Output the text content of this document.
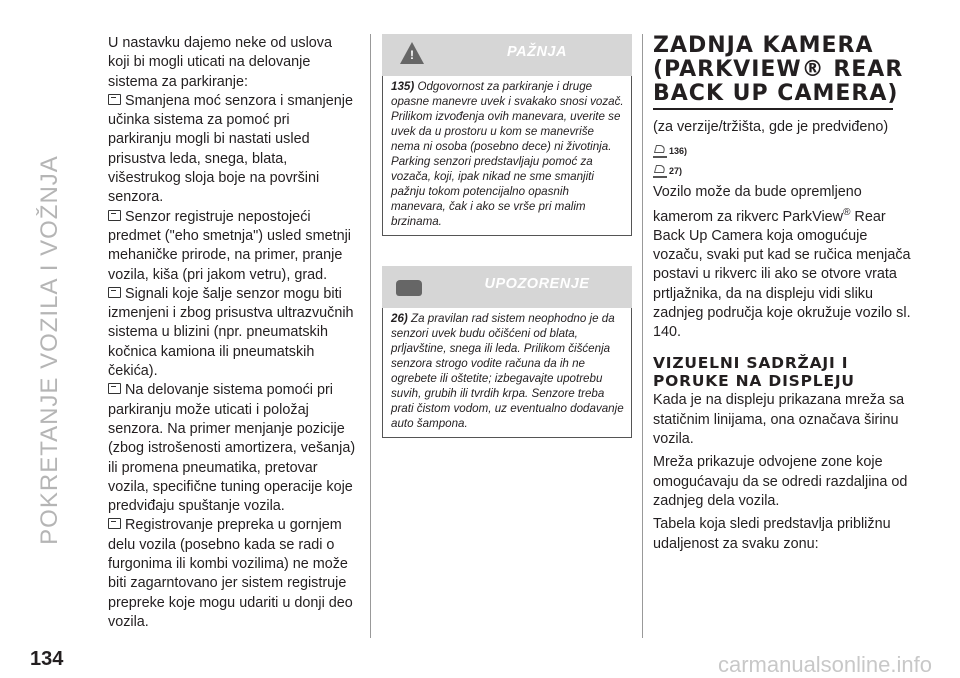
POKRETANJE VOZILA I VOŽNJA

U nastavku dajemo neke od uslova koji bi mogli uticati na delovanje sistema za parkiranje:

Smanjena moć senzora i smanjenje učinka sistema za pomoć pri parkiranju mogli bi nastati usled prisustva leda, snega, blata, višestrukog sloja boje na površini senzora.

Senzor registruje nepostojeći predmet ("eho smetnja") usled smetnji mehaničke prirode, na primer, pranje vozila, kiša (pri jakom vetru), grad.

Signali koje šalje senzor mogu biti izmenjeni i zbog prisustva ultrazvučnih sistema u blizini (npr. pneumatskih kočnica kamiona ili pneumatskih čekića).

Na delovanje sistema pomoći pri parkiranju može uticati i položaj senzora. Na primer menjanje pozicije (zbog istrošenosti amortizera, vešanja) ili promena pneumatika, pretovar vozila, specifične tuning operacije koje predviđaju spuštanje vozila.

Registrovanje prepreka u gornjem delu vozila (posebno kada se radi o furgonima ili kombi vozilima) ne može biti zagarntovano jer sistem registruje prepreke koje mogu udariti u donji deo vozila.

!
PAŽNJA
135) Odgovornost za parkiranje i druge opasne manevre uvek i svakako snosi vozač. Prilikom izvođenja ovih manevara, uverite se uvek da u prostoru u kom se manevriše nema ni osoba (posebno dece) ni životinja. Parking senzori predstavljaju pomoć za vozača, koji, ipak nikad ne sme smanjiti pažnju tokom potencijalno opasnih manevara, čak i ako se vrše pri malim brzinama.
UPOZORENJE
26) Za pravilan rad sistem neophodno je da senzori uvek budu očišćeni od blata, prljavštine, snega ili leda. Prilikom čišćenja senzora strogo vodite računa da ih ne ogrebete ili oštetite; izbegavajte upotrebu suvih, grubih ili tvrdih krpa. Senzore treba prati čistom vodom, uz eventualno dodavanje auto šampona.
ZADNJA KAMERA
(PARKVIEW® REAR
BACK UP CAMERA)

(za verzije/tržišta, gde je predviđeno)

136)
27)

Vozilo može da bude opremljeno kamerom za rikverc ParkView® Rear Back Up Camera koja omogućuje vozaču, svaki put kad se ručica menjača postavi u rikverc ili ako se otvore vrata prtljažnika, da na displeju vidi sliku zadnjeg područja koje okružuje vozilo sl. 140.

VIZUELNI SADRŽAJI I
PORUKE NA DISPLEJU

Kada je na displeju prikazana mreža sa statičnim linijama, ona označava širinu vozila.

Mreža prikazuje odvojene zone koje omogućavaju da se odredi razdaljina od zadnjeg dela vozila.

Tabela koja sledi predstavlja približnu udaljenost za svaku zonu:

134	carmanualsonline.info
